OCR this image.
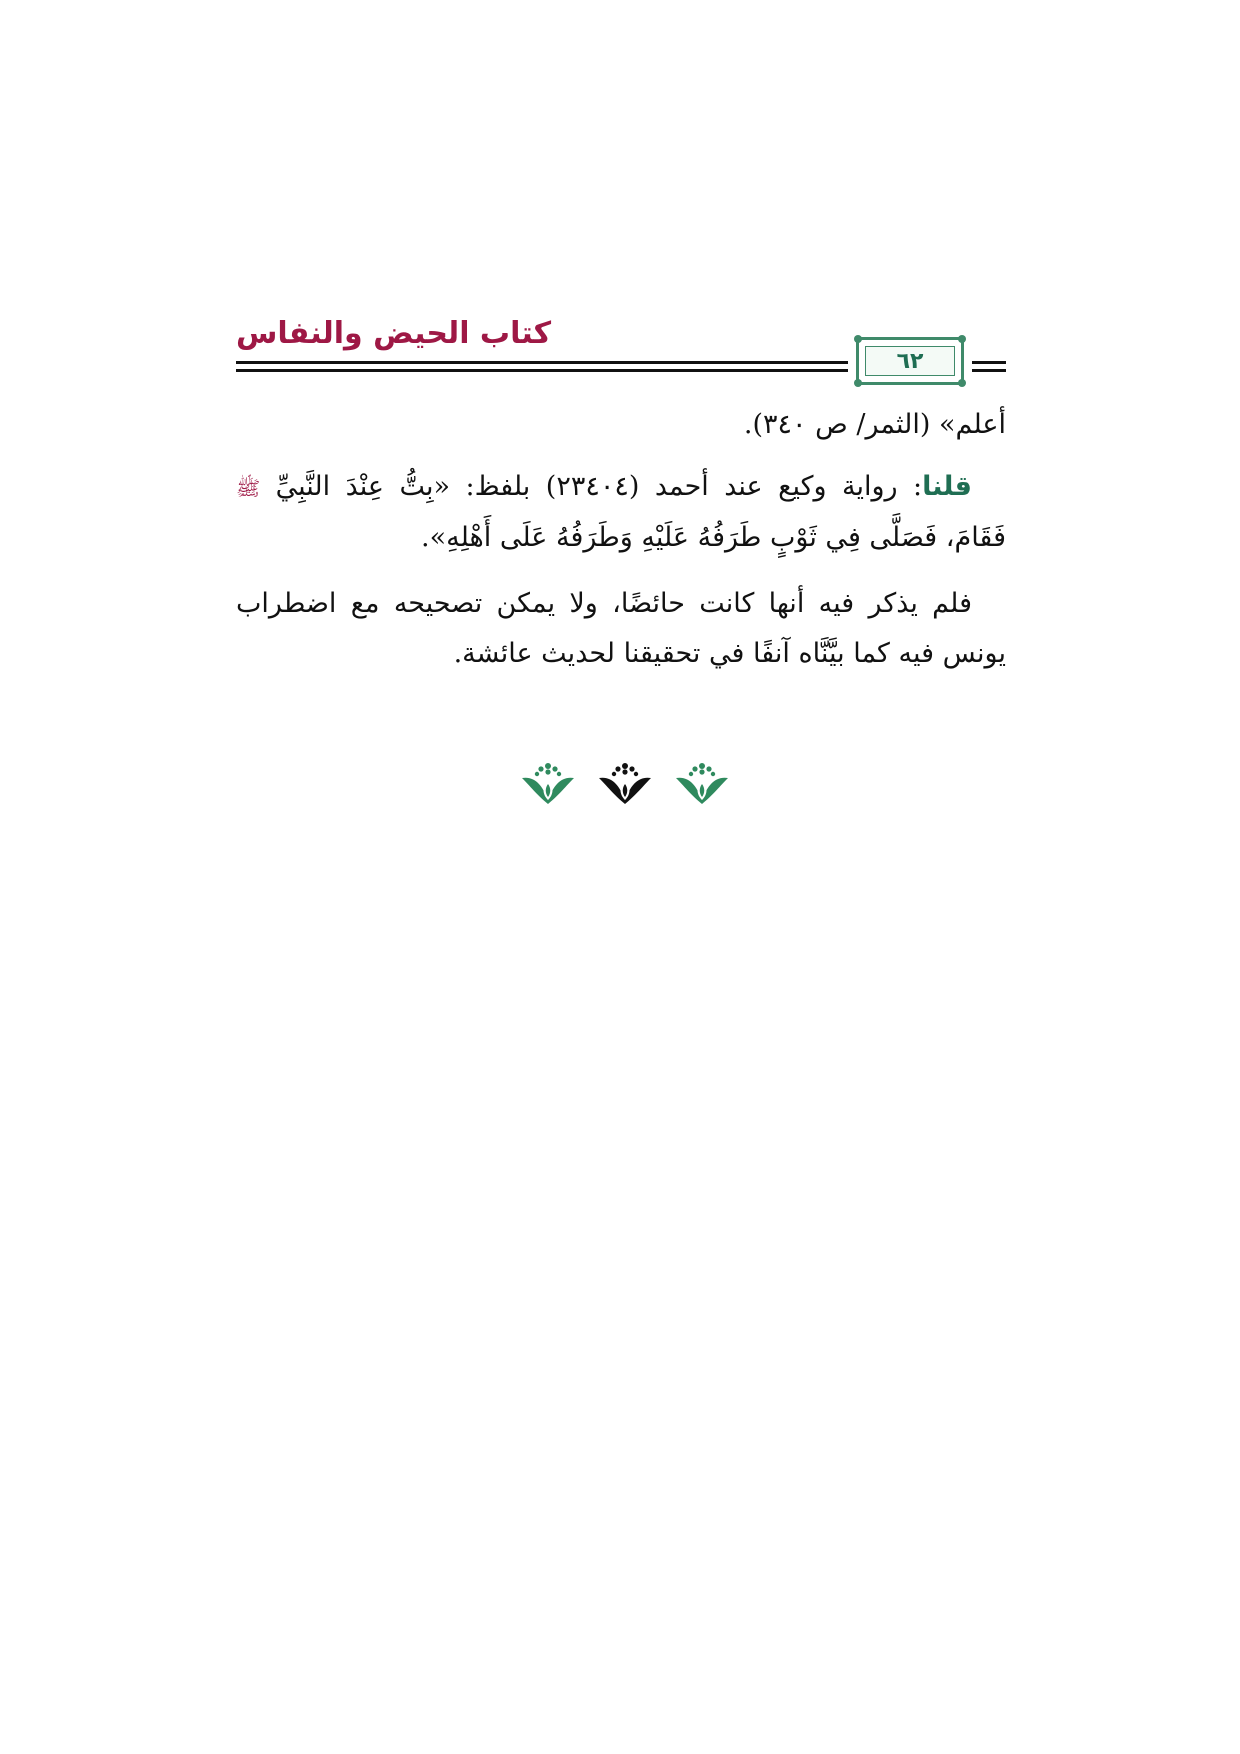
كتاب الحيض والنفاس
٦٢

أعلم» (الثمر/ ص ٣٤٠).

قلنا: رواية وكيع عند أحمد (٢٣٤٠٤) بلفظ: «بِتُّ عِنْدَ النَّبِيِّ ﷺ فَقَامَ، فَصَلَّى فِي ثَوْبٍ طَرَفُهُ عَلَيْهِ وَطَرَفُهُ عَلَى أَهْلِهِ».

فلم يذكر فيه أنها كانت حائضًا، ولا يمكن تصحيحه مع اضطراب يونس فيه كما بيَّنَّاه آنفًا في تحقيقنا لحديث عائشة.
